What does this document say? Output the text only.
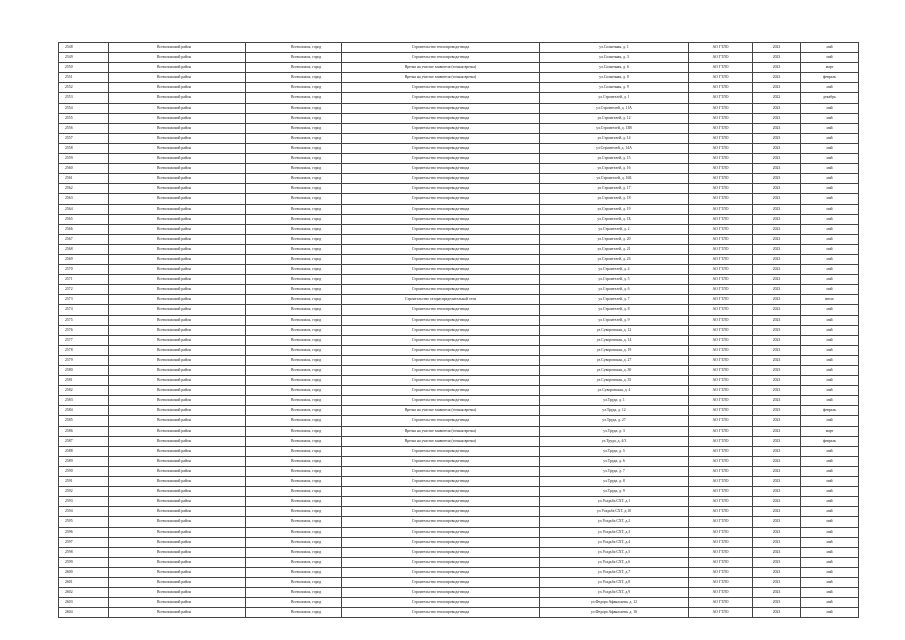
2548	Всеволожский район	Всеволожск, город	Строительство теплопровода-ввода	ул.Солнечная, д. 1	АО ГТЛО	2023	май
2549	Всеволожский район	Всеволожск, город	Строительство теплопровода-ввода	ул.Солнечная, д. 3	АО ГТЛО	2023	май
2550	Всеволожский район	Всеволожск, город	Врезка на участке заявителя (точная врезка)	ул.Солнечная, д. 6	АО ГТЛО	2023	март
2551	Всеволожский район	Всеволожск, город	Врезка на участке заявителя (точная врезка)	ул.Солнечная, д. 8	АО ГТЛО	2023	февраль
2552	Всеволожский район	Всеволожск, город	Строительство теплопровода-ввода	ул.Солнечная, д. 9	АО ГТЛО	2023	май
2553	Всеволожский район	Всеволожск, город	Строительство теплопровода-ввода	ул.Строителей, д. 1	АО ГТЛО	2022	декабрь
2554	Всеволожский район	Всеволожск, город	Строительство теплопровода-ввода	ул.Строителей, д. 11А	АО ГТЛО	2023	май
2555	Всеволожский район	Всеволожск, город	Строительство теплопровода-ввода	ул.Строителей, д. 12	АО ГТЛО	2023	май
2556	Всеволожский район	Всеволожск, город	Строительство теплопровода-ввода	ул.Строителей, д. 13В	АО ГТЛО	2023	май
2557	Всеволожский район	Всеволожск, город	Строительство теплопровода-ввода	ул.Строителей, д. 14	АО ГТЛО	2023	май
2558	Всеволожский район	Всеволожск, город	Строительство теплопровода-ввода	ул.Строителей, д. 14А	АО ГТЛО	2023	май
2559	Всеволожский район	Всеволожск, город	Строительство теплопровода-ввода	ул.Строителей, д. 15	АО ГТЛО	2023	май
2560	Всеволожский район	Всеволожск, город	Строительство теплопровода-ввода	ул.Строителей, д. 16	АО ГТЛО	2023	май
2561	Всеволожский район	Всеволожск, город	Строительство теплопровода-ввода	ул.Строителей, д. 16Б	АО ГТЛО	2023	май
2562	Всеволожский район	Всеволожск, город	Строительство теплопровода-ввода	ул.Строителей, д. 17	АО ГТЛО	2023	май
2563	Всеволожский район	Всеволожск, город	Строительство теплопровода-ввода	ул.Строителей, д. 18	АО ГТЛО	2023	май
2564	Всеволожский район	Всеволожск, город	Строительство теплопровода-ввода	ул.Строителей, д. 19	АО ГТЛО	2023	май
2565	Всеволожский район	Всеволожск, город	Строительство теплопровода-ввода	ул.Строителей, д. 1Б	АО ГТЛО	2023	май
2566	Всеволожский район	Всеволожск, город	Строительство теплопровода-ввода	ул.Строителей, д. 2	АО ГТЛО	2023	май
2567	Всеволожский район	Всеволожск, город	Строительство теплопровода-ввода	ул.Строителей, д. 20	АО ГТЛО	2023	май
2568	Всеволожский район	Всеволожск, город	Строительство теплопровода-ввода	ул.Строителей, д. 21	АО ГТЛО	2023	май
2569	Всеволожский район	Всеволожск, город	Строительство теплопровода-ввода	ул.Строителей, д. 23	АО ГТЛО	2023	май
2570	Всеволожский район	Всеволожск, город	Строительство теплопровода-ввода	ул.Строителей, д. 4	АО ГТЛО	2023	май
2571	Всеволожский район	Всеволожск, город	Строительство теплопровода-ввода	ул.Строителей, д. 5	АО ГТЛО	2023	май
2572	Всеволожский район	Всеволожск, город	Строительство теплопровода-ввода	ул.Строителей, д. 6	АО ГТЛО	2023	май
2573	Всеволожский район	Всеволожск, город	Строительство газораспределительной сети	ул.Строителей, д. 7	АО ГТЛО	2023	июль
2574	Всеволожский район	Всеволожск, город	Строительство теплопровода-ввода	ул.Строителей, д. 8	АО ГТЛО	2023	май
2575	Всеволожский район	Всеволожск, город	Строительство теплопровода-ввода	ул.Строителей, д. 9	АО ГТЛО	2023	май
2576	Всеволожский район	Всеволожск, город	Строительство теплопровода-ввода	ул.Суворовская, д. 12	АО ГТЛО	2023	май
2577	Всеволожский район	Всеволожск, город	Строительство теплопровода-ввода	ул.Суворовская, д. 14	АО ГТЛО	2023	май
2578	Всеволожский район	Всеволожск, город	Строительство теплопровода-ввода	ул.Суворовская, д. 19	АО ГТЛО	2023	май
2579	Всеволожский район	Всеволожск, город	Строительство теплопровода-ввода	ул.Суворовская, д. 27	АО ГТЛО	2023	май
2580	Всеволожский район	Всеволожск, город	Строительство теплопровода-ввода	ул.Суворовская, д. 30	АО ГТЛО	2023	май
2581	Всеволожский район	Всеволожск, город	Строительство теплопровода-ввода	ул.Суворовская, д. 35	АО ГТЛО	2023	май
2582	Всеволожский район	Всеволожск, город	Строительство теплопровода-ввода	ул.Суворовская, д. 4	АО ГТЛО	2023	май
2583	Всеволожский район	Всеволожск, город	Строительство теплопровода-ввода	ул.Труда, д. 1	АО ГТЛО	2023	май
2584	Всеволожский район	Всеволожск, город	Врезка на участке заявителя (точная врезка)	ул.Труда, д. 12	АО ГТЛО	2023	февраль
2585	Всеволожский район	Всеволожск, город	Строительство теплопровода-ввода	ул.Труда, д. 27	АО ГТЛО	2023	май
2586	Всеволожский район	Всеволожск, город	Врезка на участке заявителя (точная врезка)	ул.Труда, д. 3	АО ГТЛО	2023	март
2587	Всеволожский район	Всеволожск, город	Врезка на участке заявителя (точная врезка)	ул.Труда, д. 4/3	АО ГТЛО	2023	февраль
2588	Всеволожский район	Всеволожск, город	Строительство теплопровода-ввода	ул.Труда, д. 5	АО ГТЛО	2023	май
2589	Всеволожский район	Всеволожск, город	Строительство теплопровода-ввода	ул.Труда, д. 6	АО ГТЛО	2023	май
2590	Всеволожский район	Всеволожск, город	Строительство теплопровода-ввода	ул.Труда, д. 7	АО ГТЛО	2023	май
2591	Всеволожский район	Всеволожск, город	Строительство теплопровода-ввода	ул.Труда, д. 8	АО ГТЛО	2023	май
2592	Всеволожский район	Всеволожск, город	Строительство теплопровода-ввода	ул.Труда, д. 9	АО ГТЛО	2023	май
2593	Всеволожский район	Всеволожск, город	Строительство теплопровода-ввода	ул.Усадьба СХТ, д.1	АО ГТЛО	2023	май
2594	Всеволожский район	Всеволожск, город	Строительство теплопровода-ввода	ул.Усадьба СХТ, д.10	АО ГТЛО	2023	май
2595	Всеволожский район	Всеволожск, город	Строительство теплопровода-ввода	ул.Усадьба СХТ, д.2	АО ГТЛО	2023	май
2596	Всеволожский район	Всеволожск, город	Строительство теплопровода-ввода	ул.Усадьба СХТ, д.3	АО ГТЛО	2023	май
2597	Всеволожский район	Всеволожск, город	Строительство теплопровода-ввода	ул.Усадьба СХТ, д.4	АО ГТЛО	2023	май
2598	Всеволожский район	Всеволожск, город	Строительство теплопровода-ввода	ул.Усадьба СХТ, д.5	АО ГТЛО	2023	май
2599	Всеволожский район	Всеволожск, город	Строительство теплопровода-ввода	ул.Усадьба СХТ, д.6	АО ГТЛО	2023	май
2600	Всеволожский район	Всеволожск, город	Строительство теплопровода-ввода	ул.Усадьба СХТ, д.7	АО ГТЛО	2023	май
2601	Всеволожский район	Всеволожск, город	Строительство теплопровода-ввода	ул.Усадьба СХТ, д.8	АО ГТЛО	2023	май
2602	Всеволожский район	Всеволожск, город	Строительство теплопровода-ввода	ул.Усадьба СХТ, д.9	АО ГТЛО	2023	май
2603	Всеволожский район	Всеволожск, город	Строительство теплопровода-ввода	ул.Федора Афанасьева, д. 12	АО ГТЛО	2023	май
2604	Всеволожский район	Всеволожск, город	Строительство теплопровода-ввода	ул.Федора Афанасьева, д. 16	АО ГТЛО	2023	май
